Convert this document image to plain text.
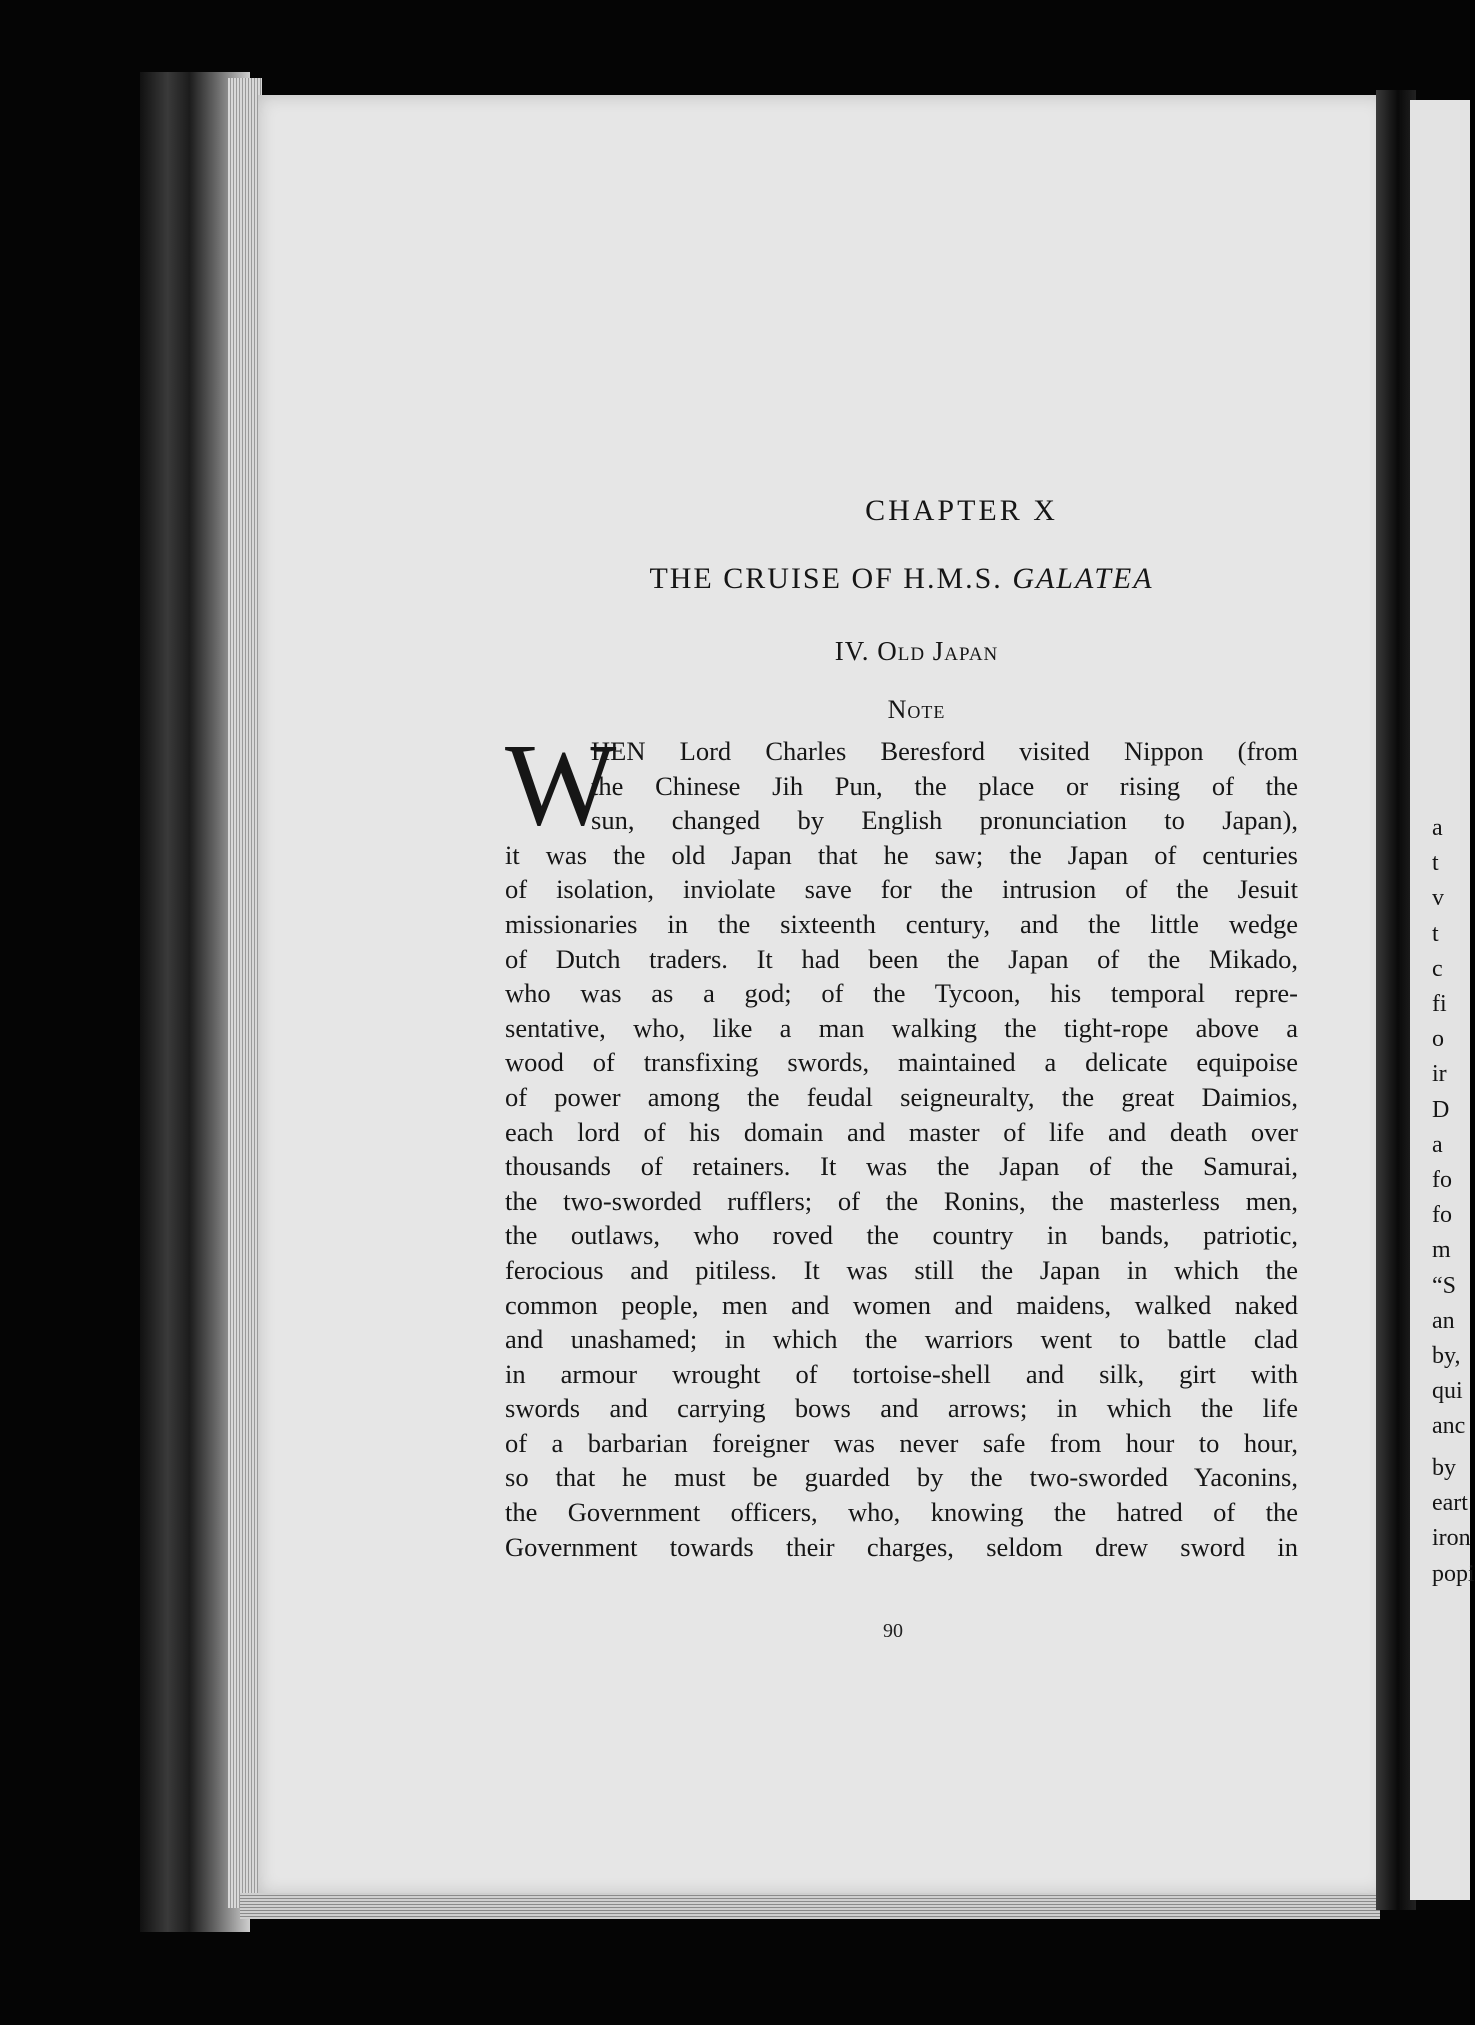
a
t
v
t
c
fi
o
ir
D
a
fo
fo
m
“S
an
by,
qui
anc
by
eart
iron
popi
CHAPTER X
THE CRUISE OF H.M.S. GALATEA
IV. Old Japan
Note
W
HEN Lord Charles Beresford visited Nippon (from
the Chinese Jih Pun, the place or rising of the
sun, changed by English pronunciation to Japan),
it was the old Japan that he saw; the Japan of centuries
of isolation, inviolate save for the intrusion of the Jesuit
missionaries in the sixteenth century, and the little wedge
of Dutch traders. It had been the Japan of the Mikado,
who was as a god; of the Tycoon, his temporal repre-
sentative, who, like a man walking the tight-rope above a
wood of transfixing swords, maintained a delicate equipoise
of power among the feudal seigneuralty, the great Daimios,
each lord of his domain and master of life and death over
thousands of retainers. It was the Japan of the Samurai,
the two-sworded rufflers; of the Ronins, the masterless men,
the outlaws, who roved the country in bands, patriotic,
ferocious and pitiless. It was still the Japan in which the
common people, men and women and maidens, walked naked
and unashamed; in which the warriors went to battle clad
in armour wrought of tortoise-shell and silk, girt with
swords and carrying bows and arrows; in which the life
of a barbarian foreigner was never safe from hour to hour,
so that he must be guarded by the two-sworded Yaconins,
the Government officers, who, knowing the hatred of the
Government towards their charges, seldom drew sword in
90
